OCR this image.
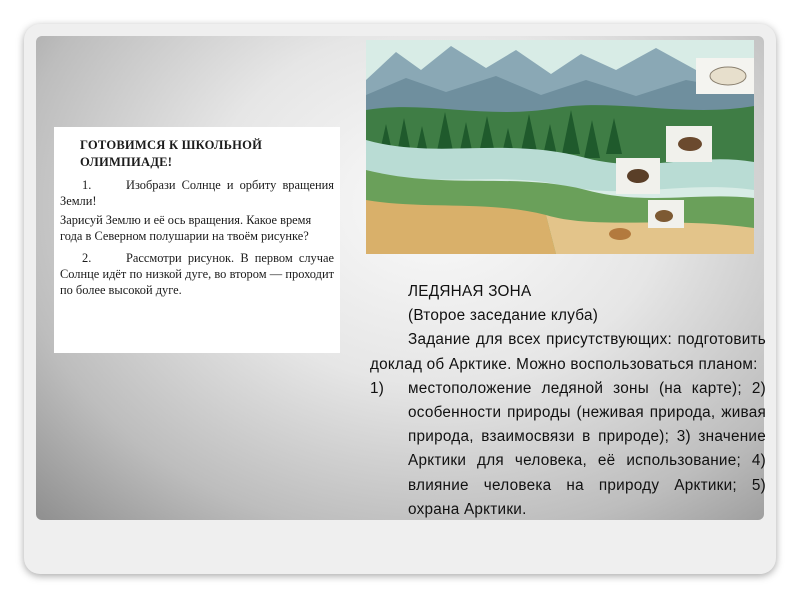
ГОТОВИМСЯ К ШКОЛЬНОЙ ОЛИМПИАДЕ!

1.	Изобрази Солнце и орбиту вращения Земли!

Зарисуй Землю и её ось вращения. Какое время года в Северном полушарии на твоём рисунке?

2.	Рассмотри рисунок. В первом случае Солнце идёт по низкой дуге, во втором — проходит по более высокой дуге.	ЛЕДЯНАЯ ЗОНА

(Второе заседание клуба)

Задание для всех присутствующих: подготовить доклад об Арктике. Можно воспользоваться планом:

1) местоположение ледяной зоны (на карте); 2) особенности природы (неживая природа, живая природа, взаимосвязи в природе); 3) значение Арктики для человека, её использование; 4) влияние человека на природу Арктики; 5) охрана Арктики.
